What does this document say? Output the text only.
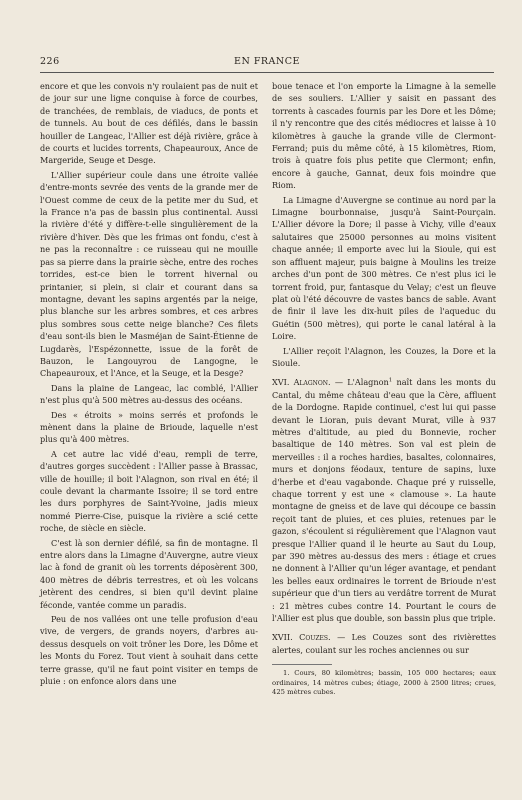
226	EN FRANCE

encore et que les convois n'y roulaient pas de nuit et de jour sur une ligne conquise à force de courbes, de tranchées, de remblais, de viaducs, de ponts et de tunnels. Au bout de ces défilés, dans le bassin houiller de Langeac, l'Allier est déjà rivière, grâce à de courts et lucides torrents, Chapeauroux, Ance de Margeride, Seuge et Desge.

L'Allier supérieur coule dans une étroite vallée d'entre-monts sevrée des vents de la grande mer de l'Ouest comme de ceux de la petite mer du Sud, et la France n'a pas de bassin plus continental. Aussi la rivière d'été y diffère-t-elle singulièrement de la rivière d'hiver. Dès que les frimas ont fondu, c'est à ne pas la reconnaître : ce ruisseau qui ne mouille pas sa pierre dans la prairie sèche, entre des roches torrides, est-ce bien le torrent hivernal ou printanier, si plein, si clair et courant dans sa montagne, devant les sapins argentés par la neige, plus blanche sur les arbres sombres, et ces arbres plus sombres sous cette neige blanche? Ces filets d'eau sont-ils bien le Masméjan de Saint-Étienne de Lugdarès, l'Espézonnette, issue de la forêt de Bauzon, le Langouyrou de Langogne, le Chapeauroux, et l'Ance, et la Seuge, et la Desge?

Dans la plaine de Langeac, lac comblé, l'Allier n'est plus qu'à 500 mètres au-dessus des océans.

Des « étroits » moins serrés et profonds le mènent dans la plaine de Brioude, laquelle n'est plus qu'à 400 mètres.

A cet autre lac vidé d'eau, rempli de terre, d'autres gorges succèdent : l'Allier passe à Brassac, ville de houille; il boit l'Alagnon, son rival en été; il coule devant la charmante Issoire; il se tord entre les durs porphyres de Saint-Yvoine, jadis mieux nommé Pierre-Cise, puisque la rivière a scié cette roche, de siècle en siècle.

C'est là son dernier défilé, sa fin de montagne. Il entre alors dans la Limagne d'Auvergne, autre vieux lac à fond de granit où les torrents déposèrent 300, 400 mètres de débris terrestres, et où les volcans jetèrent des cendres, si bien qu'il devint plaine féconde, vantée comme un paradis.

Peu de nos vallées ont une telle profusion d'eau vive, de vergers, de grands noyers, d'arbres au-dessus desquels on voit trôner les Dore, les Dôme et les Monts du Forez. Tout vient à souhait dans cette terre grasse, qu'il ne faut point visiter en temps de pluie : on enfonce alors dans une

boue tenace et l'on emporte la Limagne à la semelle de ses souliers. L'Allier y saisit en passant des torrents à cascades fournis par les Dore et les Dôme; il n'y rencontre que des cités médiocres et laisse à 10 kilomètres à gauche la grande ville de Clermont-Ferrand; puis du même côté, à 15 kilomètres, Riom, trois à quatre fois plus petite que Clermont; enfin, encore à gauche, Gannat, deux fois moindre que Riom.

La Limagne d'Auvergne se continue au nord par la Limagne bourbonnaise, jusqu'à Saint-Pourçain. L'Allier dévore la Dore; il passe à Vichy, ville d'eaux salutaires que 25000 personnes au moins visitent chaque année; il emporte avec lui la Sioule, qui est son affluent majeur, puis baigne à Moulins les treize arches d'un pont de 300 mètres. Ce n'est plus ici le torrent froid, pur, fantasque du Velay; c'est un fleuve plat où l'été découvre de vastes bancs de sable. Avant de finir il lave les dix-huit piles de l'aqueduc du Guétin (500 mètres), qui porte le canal latéral à la Loire.

L'Allier reçoit l'Alagnon, les Couzes, la Dore et la Sioule.

XVI. Alagnon. — L'Alagnon$^1$ naît dans les monts du Cantal, du même château d'eau que la Cère, affluent de la Dordogne. Rapide continuel, c'est lui qui passe devant le Lioran, puis devant Murat, ville à 937 mètres d'altitude, au pied du Bonnevie, rocher basaltique de 140 mètres. Son val est plein de merveilles : il a roches hardies, basaltes, colonnaires, murs et donjons féodaux, tenture de sapins, luxe d'herbe et d'eau vagabonde. Chaque pré y ruisselle, chaque torrent y est une « clamouse ». La haute montagne de gneiss et de lave qui découpe ce bassin reçoit tant de pluies, et ces pluies, retenues par le gazon, s'écoulent si régulièrement que l'Alagnon vaut presque l'Allier quand il le heurte au Saut du Loup, par 390 mètres au-dessus des mers : étiage et crues ne donnent à l'Allier qu'un léger avantage, et pendant les belles eaux ordinaires le torrent de Brioude n'est supérieur que d'un tiers au verdâtre torrent de Murat : 21 mètres cubes contre 14. Pourtant le cours de l'Allier est plus que double, son bassin plus que triple.

XVII. Couzes. — Les Couzes sont des rivièrettes alertes, coulant sur les roches anciennes ou sur

1. Cours, 80 kilomètres; bassin, 105 000 hectares; eaux ordinaires, 14 mètres cubes; étiage, 2000 à 2500 litres; crues, 425 mètres cubes.
